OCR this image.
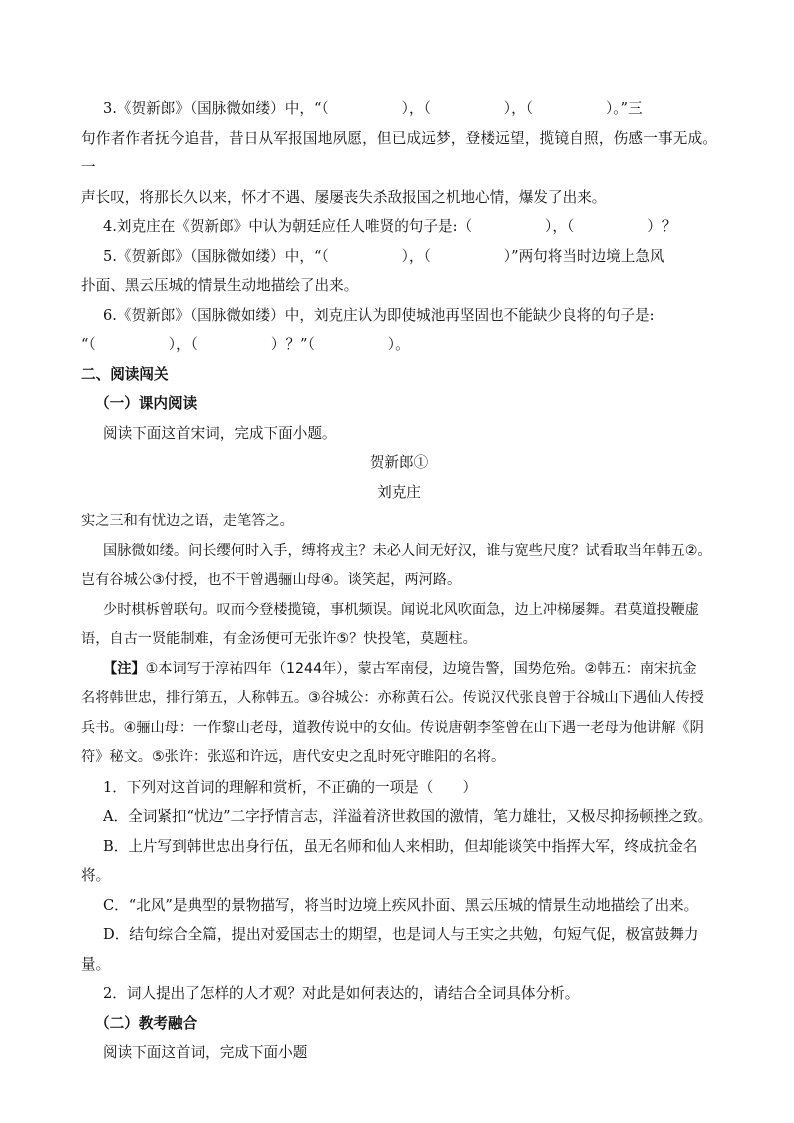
3.《贺新郎》（国脉微如缕）中，“（　　　　　），（　　　　　），（　　　　　）。”三

句作者作者抚今追昔，昔日从军报国地夙愿，但已成远梦，登楼远望，揽镜自照，伤感一事无成。一

声长叹，将那长久以来，怀才不遇、屡屡丧失杀敌报国之机地心情，爆发了出来。

4.刘克庄在《贺新郎》中认为朝廷应任人唯贤的句子是:（　　　　　），（　　　　　）？

5.《贺新郎》（国脉微如缕）中，“（　　　　　），（　　　　　）”两句将当时边境上急风

扑面、黑云压城的情景生动地描绘了出来。

6.《贺新郎》（国脉微如缕）中，刘克庄认为即使城池再坚固也不能缺少良将的句子是:

“（　　　　　），（　　　　　）？”（　　　　　）。

二、阅读闯关

（一）课内阅读

阅读下面这首宋词，完成下面小题。

贺新郎①

刘克庄

实之三和有忧边之语，走笔答之。

国脉微如缕。问长缨何时入手，缚将戎主？未必人间无好汉，谁与宽些尺度？试看取当年韩五②。

岂有谷城公③付授，也不干曾遇骊山母④。谈笑起，两河路。

少时棋柝曾联句。叹而今登楼揽镜，事机频误。闻说北风吹面急，边上冲梯屡舞。君莫道投鞭虚

语，自古一贤能制难，有金汤便可无张许⑤？快投笔，莫题柱。

【注】①本词写于淳祐四年（1244年），蒙古军南侵，边境告警，国势危殆。②韩五：南宋抗金

名将韩世忠，排行第五，人称韩五。③谷城公：亦称黄石公。传说汉代张良曾于谷城山下遇仙人传授

兵书。④骊山母：一作黎山老母，道教传说中的女仙。传说唐朝李筌曾在山下遇一老母为他讲解《阴

符》秘文。⑤张许：张巡和许远，唐代安史之乱时死守睢阳的名将。

1．下列对这首词的理解和赏析，不正确的一项是（　　）

A．全词紧扣“忧边”二字抒情言志，洋溢着济世救国的激情，笔力雄壮，又极尽抑扬顿挫之致。

B．上片写到韩世忠出身行伍，虽无名师和仙人来相助，但却能谈笑中指挥大军，终成抗金名将。

C．“北风”是典型的景物描写，将当时边境上疾风扑面、黑云压城的情景生动地描绘了出来。

D．结句综合全篇，提出对爱国志士的期望，也是词人与王实之共勉，句短气促，极富鼓舞力量。

2．词人提出了怎样的人才观？对此是如何表达的，请结合全词具体分析。

（二）教考融合

阅读下面这首词，完成下面小题
